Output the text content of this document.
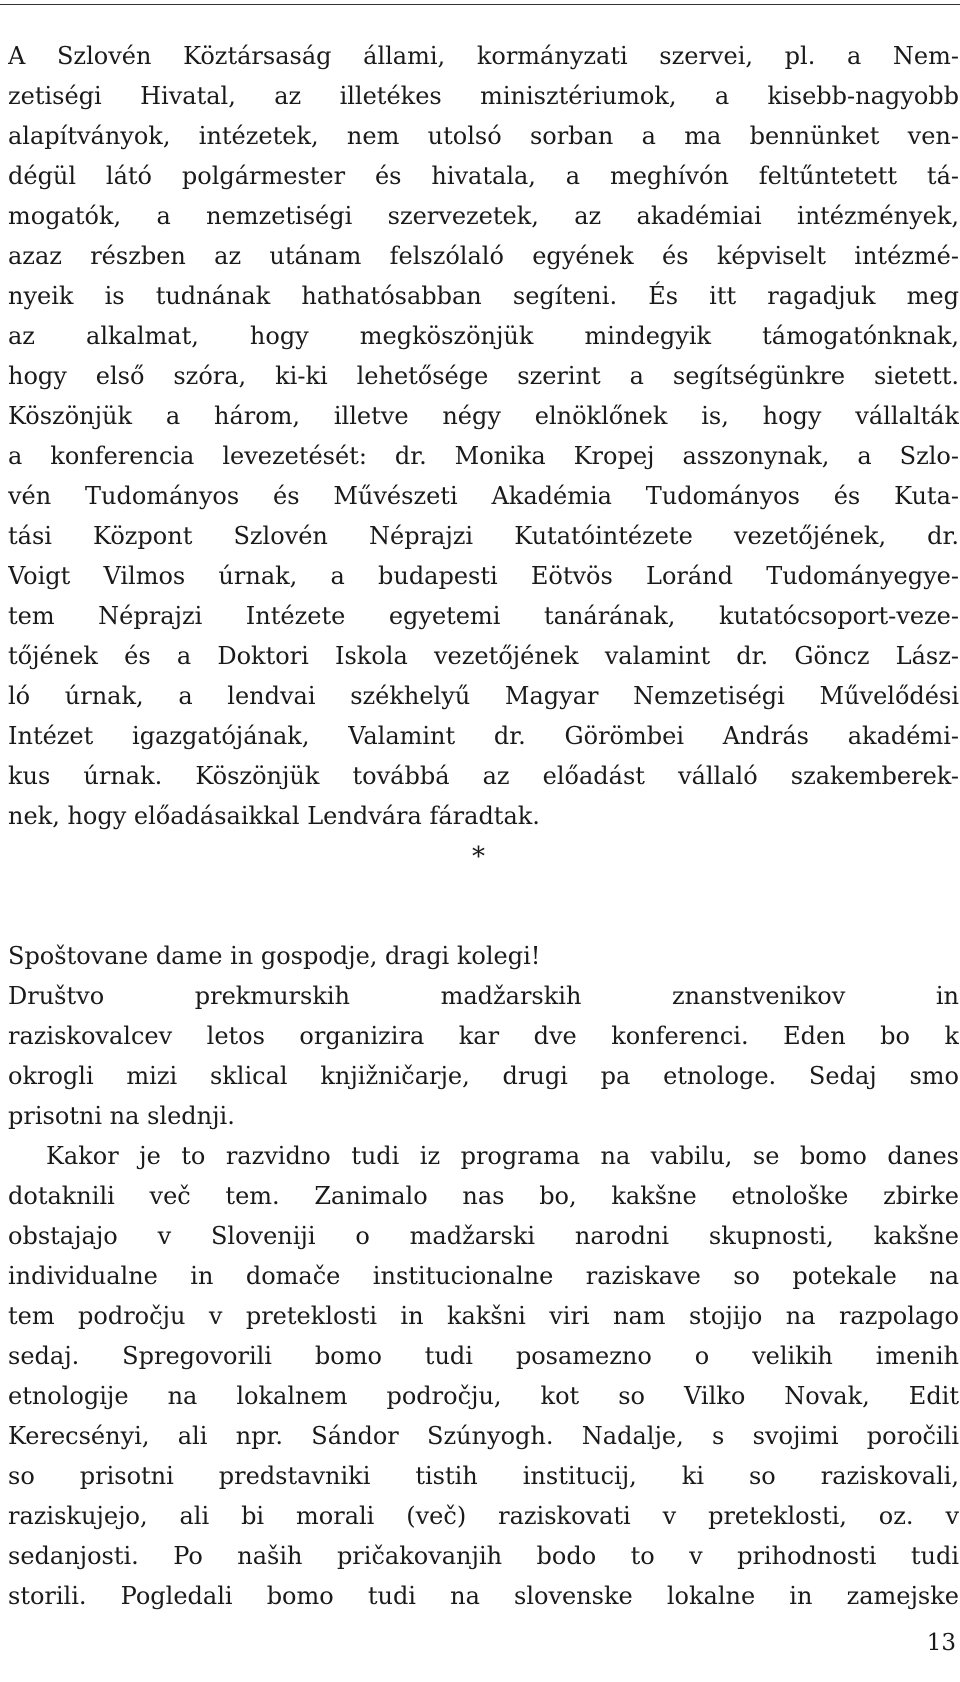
A Szlovén Köztársaság állami, kormányzati szervei, pl. a Nem-
zetiségi Hivatal, az illetékes minisztériumok, a kisebb-nagyobb
alapítványok, intézetek, nem utolsó sorban a ma bennünket ven-
dégül látó polgármester és hivatala, a meghívón feltűntetett tá-
mogatók, a nemzetiségi szervezetek, az akadémiai intézmények,
azaz részben az utánam felszólaló egyének és képviselt intézmé-
nyeik is tudnának hathatósabban segíteni. És itt ragadjuk meg
az alkalmat, hogy megköszönjük mindegyik támogatónknak,
hogy első szóra, ki-ki lehetősége szerint a segítségünkre sietett.
Köszönjük a három, illetve négy elnöklőnek is, hogy vállalták
a konferencia levezetését: dr. Monika Kropej asszonynak, a Szlo-
vén Tudományos és Művészeti Akadémia Tudományos és Kuta-
tási Központ Szlovén Néprajzi Kutatóintézete vezetőjének, dr.
Voigt Vilmos úrnak, a budapesti Eötvös Loránd Tudományegye-
tem Néprajzi Intézete egyetemi tanárának, kutatócsoport-veze-
tőjének és a Doktori Iskola vezetőjének valamint dr. Göncz Lász-
ló úrnak, a lendvai székhelyű Magyar Nemzetiségi Művelődési
Intézet igazgatójának, Valamint dr. Görömbei András akadémi-
kus úrnak. Köszönjük továbbá az előadást vállaló szakemberek-
nek, hogy előadásaikkal Lendvára fáradtak.
*
Spoštovane dame in gospodje, dragi kolegi!
Društvo prekmurskih madžarskih znanstvenikov in
raziskovalcev letos organizira kar dve konferenci. Eden bo k
okrogli mizi sklical knjižničarje, drugi pa etnologe. Sedaj smo
prisotni na slednji.
Kakor je to razvidno tudi iz programa na vabilu, se bomo danes
dotaknili več tem. Zanimalo nas bo, kakšne etnološke zbirke
obstajajo v Sloveniji o madžarski narodni skupnosti, kakšne
individualne in domače institucionalne raziskave so potekale na
tem področju v preteklosti in kakšni viri nam stojijo na razpolago
sedaj. Spregovorili bomo tudi posamezno o velikih imenih
etnologije na lokalnem področju, kot so Vilko Novak, Edit
Kerecsényi, ali npr. Sándor Szúnyogh. Nadalje, s svojimi poročili
so prisotni predstavniki tistih institucij, ki so raziskovali,
raziskujejo, ali bi morali (več) raziskovati v preteklosti, oz. v
sedanjosti. Po naših pričakovanjih bodo to v prihodnosti tudi
storili. Pogledali bomo tudi na slovenske lokalne in zamejske
13
